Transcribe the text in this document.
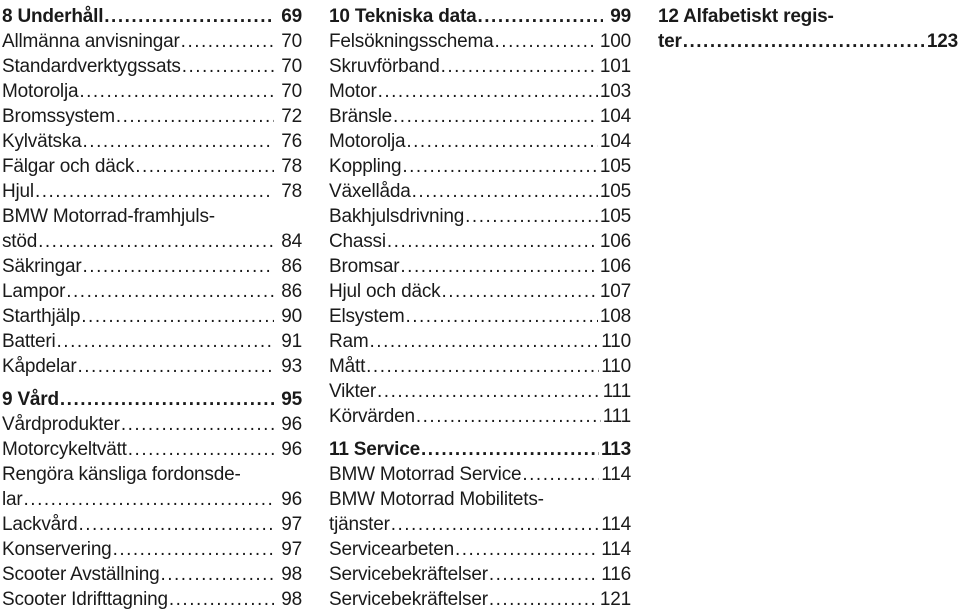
8 Underhåll .....	69
Allmänna anvisningar .....	70
Standardverktygssats .....	70
Motorolja .....	70
Bromssystem .....	72
Kylvätska .....	76
Fälgar och däck .....	78
Hjul .....	78
BMW Motorrad-framhjuls-
stöd .....	84
Säkringar .....	86
Lampor .....	86
Starthjälp .....	90
Batteri .....	91
Kåpdelar .....	93
9 Vård .....	95
Vårdprodukter .....	96
Motorcykeltvätt .....	96
Rengöra känsliga fordonsde-
lar .....	96
Lackvård .....	97
Konservering .....	97
Scooter Avställning .....	98
Scooter Idrifttagning .....	98
10 Tekniska data .....	99
Felsökningsschema .....	100
Skruvförband .....	101
Motor .....	103
Bränsle .....	104
Motorolja .....	104
Koppling .....	105
Växellåda .....	105
Bakhjulsdrivning .....	105
Chassi .....	106
Bromsar .....	106
Hjul och däck .....	107
Elsystem .....	108
Ram .....	110
Mått .....	110
Vikter .....	111
Körvärden .....	111
11 Service .....	113
BMW Motorrad Service .....	114
BMW Motorrad Mobilitets-
tjänster .....	114
Servicearbeten .....	114
Servicebekräftelser .....	116
Servicebekräftelser .....	121
12 Alfabetiskt regis-
ter .....	123
